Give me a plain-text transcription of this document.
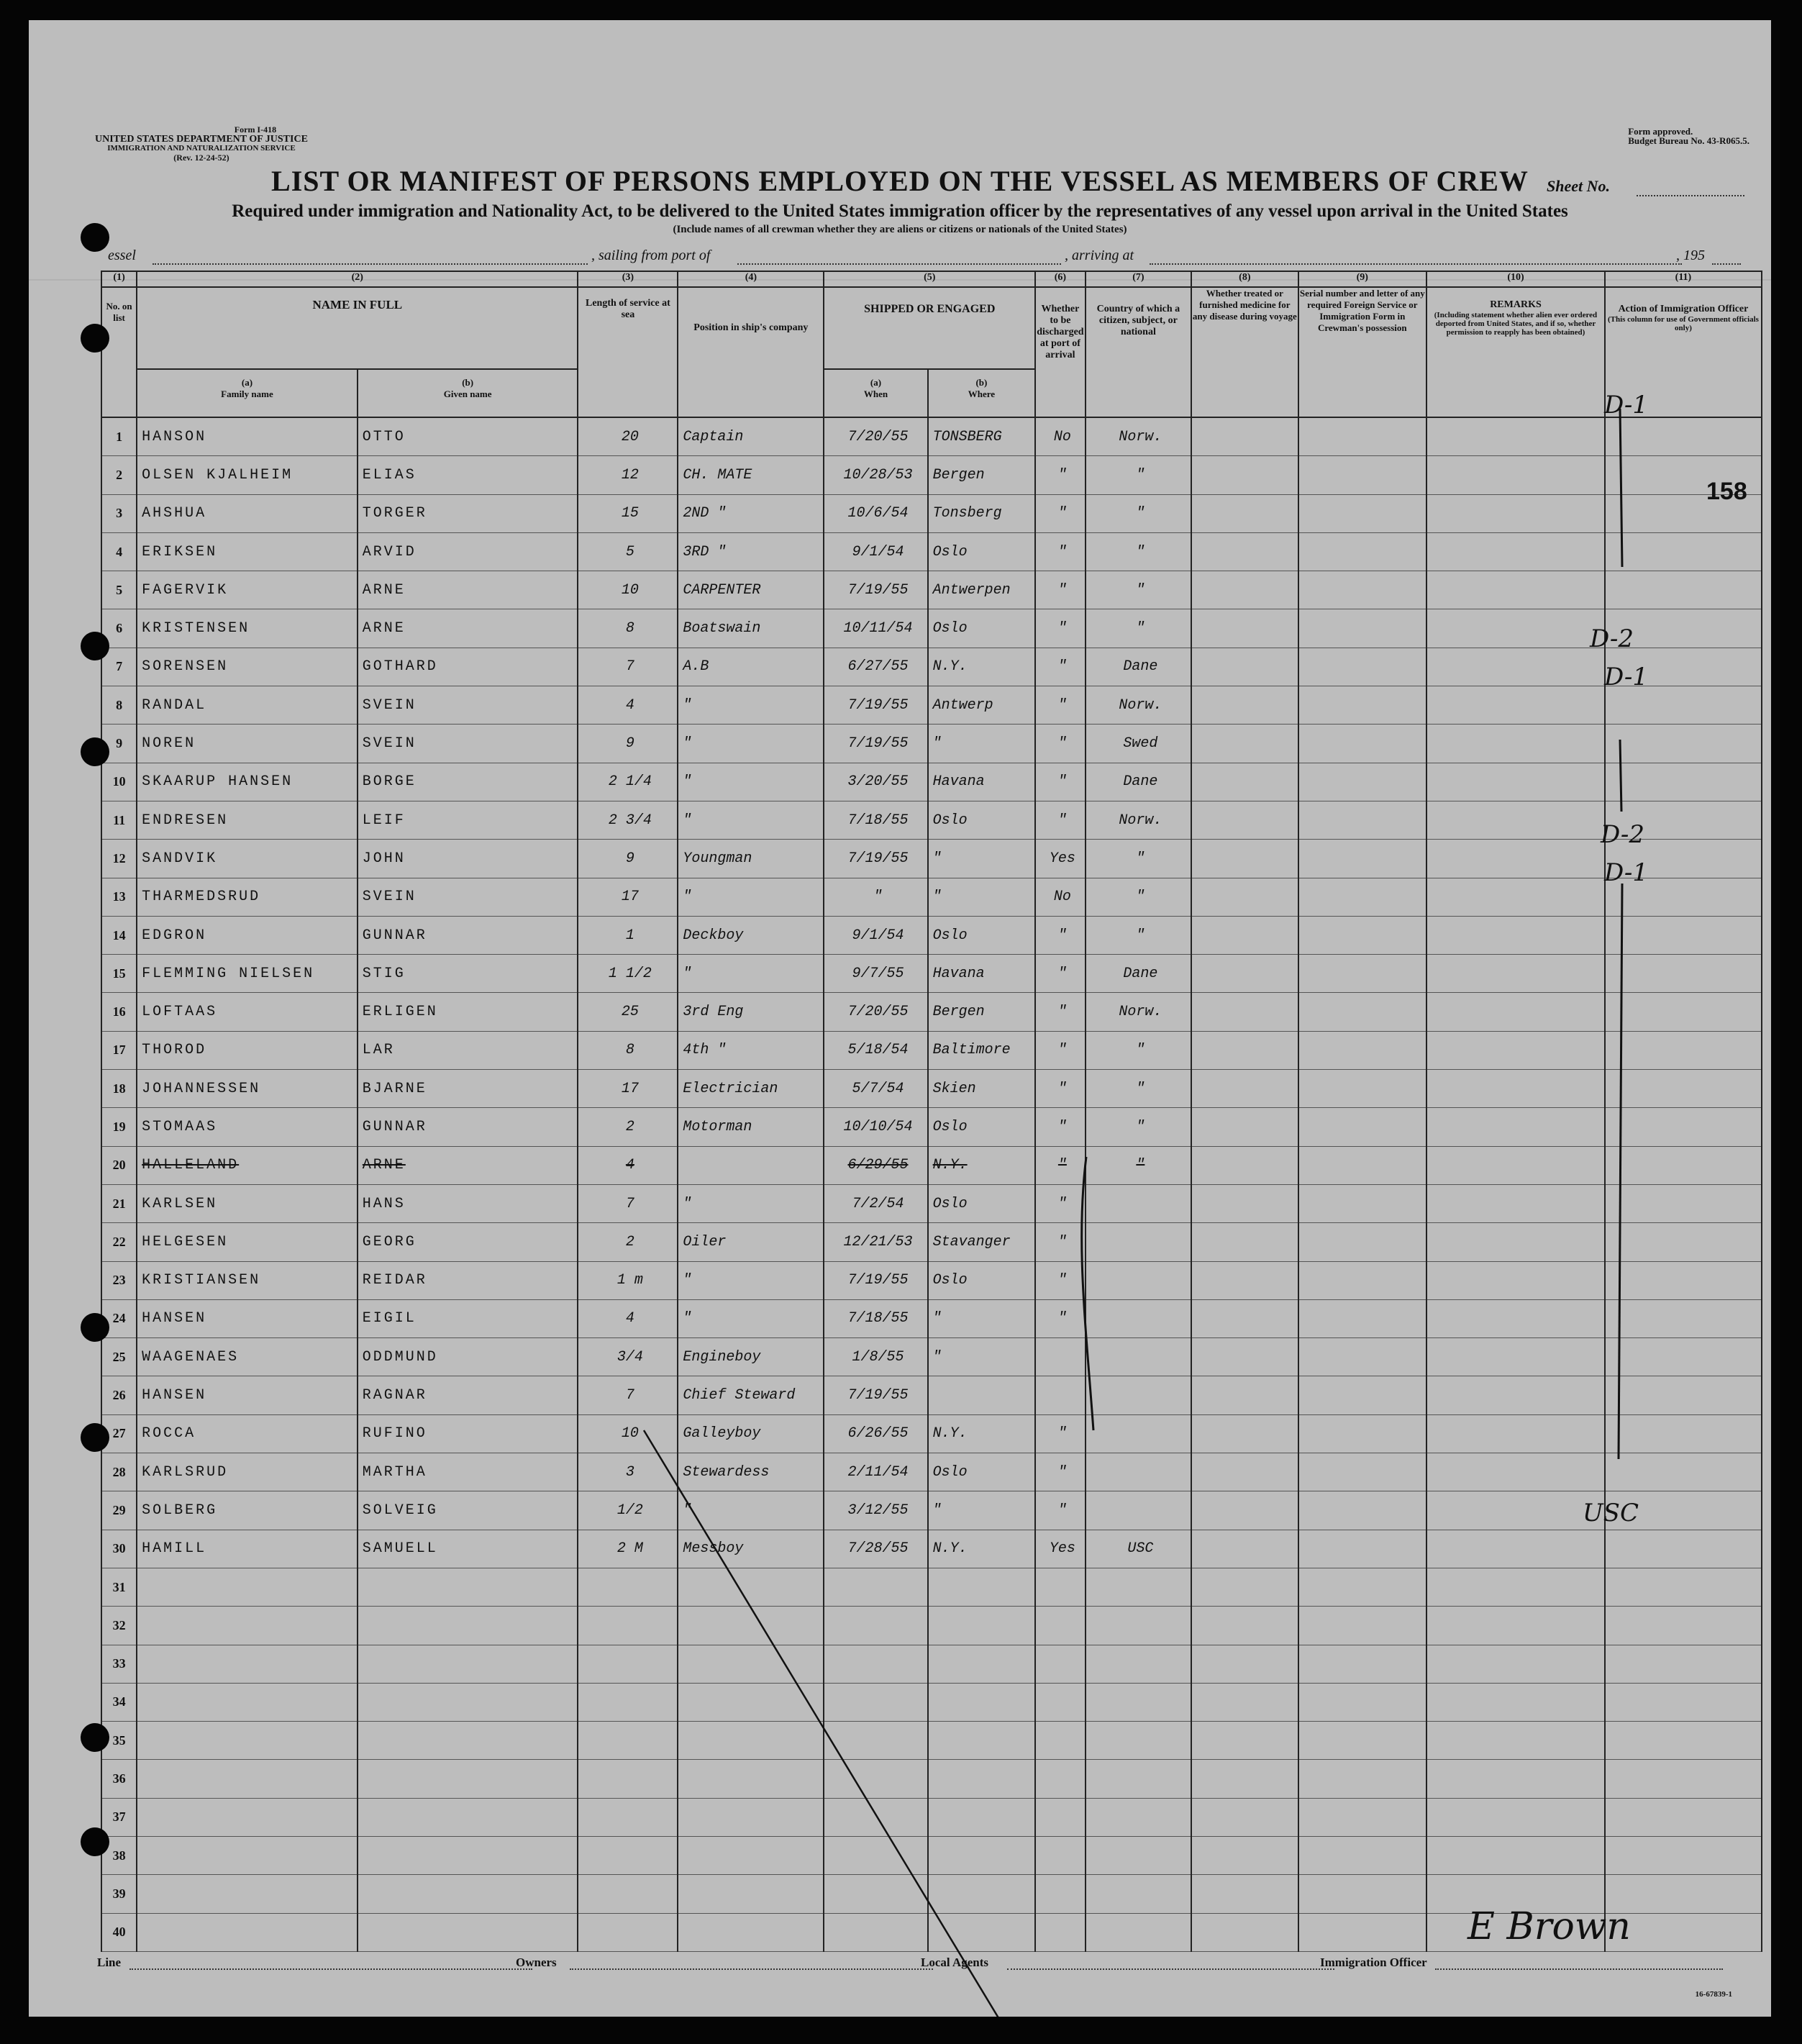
Form I-418
UNITED STATES DEPARTMENT OF JUSTICE
IMMIGRATION AND NATURALIZATION SERVICE
(Rev. 12-24-52)
Form approved.
Budget Bureau No. 43-R065.5.
LIST OR MANIFEST OF PERSONS EMPLOYED ON THE VESSEL AS MEMBERS OF CREW	Sheet No.
Required under immigration and Nationality Act, to be delivered to the United States immigration officer by the representatives of any vessel upon arrival in the United States
(Include names of all crewman whether they are aliens or citizens or nationals of the United States)
essel	, sailing from port of	, arriving at	, 195
(1)	(2)		(3)	(4)	(5)		(6)	(7)	(8)	(9)	(10)	(11)
No. on list	NAME IN FULL		Length of service at sea	Position in ship's company	SHIPPED OR ENGAGED		Whether to be discharged at port of arrival	Country of which a citizen, subject, or national	Whether treated or furnished medicine for any disease during voyage	Serial number and letter of any required Foreign Service or Immigration Form in Crewman's possession	REMARKS

(Including statement whether alien ever ordered deported from United States, and if so, whether permission to reapply has been obtained)	Action of Immigration Officer

(This column for use of Government officials only)

	(a)
Family name	(b)
Given name			(a)
When	(b)
Where						
1	HANSON	OTTO	20	Captain	7/20/55	TONSBERG	No	Norw.				
2	OLSEN KJALHEIM	ELIAS	12	CH. MATE	10/28/53	Bergen	"	"				
3	AHSHUA	TORGER	15	2ND "	10/6/54	Tonsberg	"	"				
4	ERIKSEN	ARVID	5	3RD "	9/1/54	Oslo	"	"				
5	FAGERVIK	ARNE	10	CARPENTER	7/19/55	Antwerpen	"	"				
6	KRISTENSEN	ARNE	8	Boatswain	10/11/54	Oslo	"	"				
7	SORENSEN	GOTHARD	7	A.B	6/27/55	N.Y.	"	Dane				
8	RANDAL	SVEIN	4	"	7/19/55	Antwerp	"	Norw.				
9	NOREN	SVEIN	9	"	7/19/55	"	"	Swed				
10	SKAARUP HANSEN	BORGE	2 1/4	"	3/20/55	Havana	"	Dane				
11	ENDRESEN	LEIF	2 3/4	"	7/18/55	Oslo	"	Norw.				
12	SANDVIK	JOHN	9	Youngman	7/19/55	"	Yes	"				
13	THARMEDSRUD	SVEIN	17	"	"	"	No	"				
14	EDGRON	GUNNAR	1	Deckboy	9/1/54	Oslo	"	"				
15	FLEMMING NIELSEN	STIG	1 1/2	"	9/7/55	Havana	"	Dane				
16	LOFTAAS	ERLIGEN	25	3rd Eng	7/20/55	Bergen	"	Norw.				
17	THOROD	LAR	8	4th "	5/18/54	Baltimore	"	"				
18	JOHANNESSEN	BJARNE	17	Electrician	5/7/54	Skien	"	"				
19	STOMAAS	GUNNAR	2	Motorman	10/10/54	Oslo	"	"				
20	HALLELAND	ARNE	4		6/29/55	N.Y.	"	"				
21	KARLSEN	HANS	7	"	7/2/54	Oslo	"					
22	HELGESEN	GEORG	2	Oiler	12/21/53	Stavanger	"					
23	KRISTIANSEN	REIDAR	1 m	"	7/19/55	Oslo	"					
24	HANSEN	EIGIL	4	"	7/18/55	"	"					
25	WAAGENAES	ODDMUND	3/4	Engineboy	1/8/55	"						
26	HANSEN	RAGNAR	7	Chief Steward	7/19/55							
27	ROCCA	RUFINO	10	Galleyboy	6/26/55	N.Y.	"					
28	KARLSRUD	MARTHA	3	Stewardess	2/11/54	Oslo	"					
29	SOLBERG	SOLVEIG	1/2	"	3/12/55	"	"					
30	HAMILL	SAMUELL	2 M	Messboy	7/28/55	N.Y.	Yes	USC				
31												
32												
33												
34												
35												
36												
37												
38												
39												
40												
158
Line	Owners	Local Agents	Immigration Officer
E Brown
16-67839-1
D-1
D-2
D-1
D-2
D-1
USC
